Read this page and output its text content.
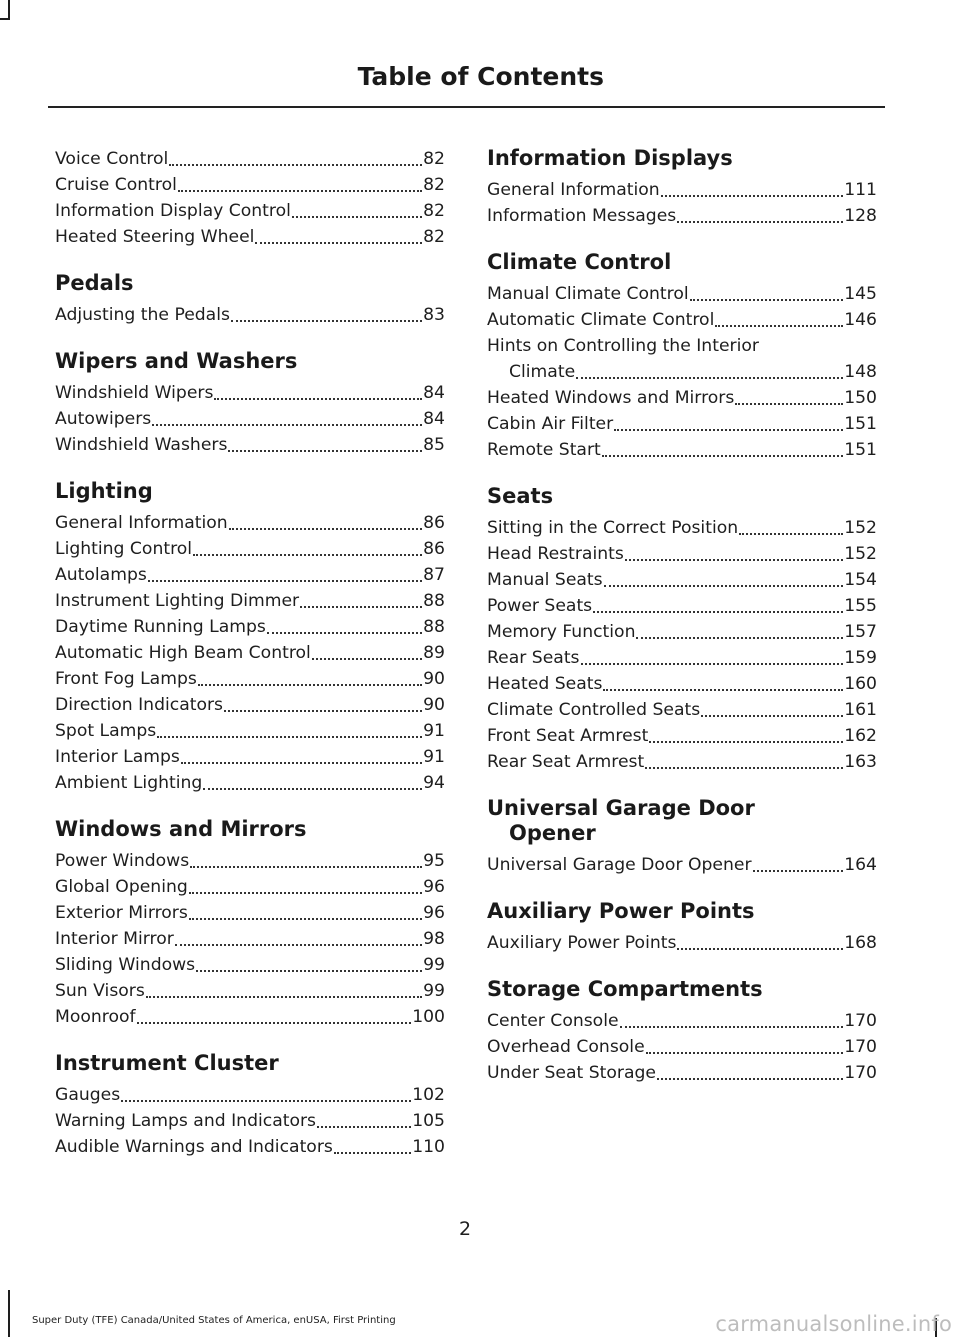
Table of Contents
Voice Control	82
Cruise Control	82
Information Display Control	82
Heated Steering Wheel	82
Pedals
Adjusting the Pedals	83
Wipers and Washers
Windshield Wipers	84
Autowipers	84
Windshield Washers	85
Lighting
General Information	86
Lighting Control	86
Autolamps	87
Instrument Lighting Dimmer	88
Daytime Running Lamps	88
Automatic High Beam Control	89
Front Fog Lamps	90
Direction Indicators	90
Spot Lamps	91
Interior Lamps	91
Ambient Lighting	94
Windows and Mirrors
Power Windows	95
Global Opening	96
Exterior Mirrors	96
Interior Mirror	98
Sliding Windows	99
Sun Visors	99
Moonroof	100
Instrument Cluster
Gauges	102
Warning Lamps and Indicators	105
Audible Warnings and Indicators	110
Information Displays
General Information	111
Information Messages	128
Climate Control
Manual Climate Control	145
Automatic Climate Control	146
Hints on Controlling the Interior
Climate	148
Heated Windows and Mirrors	150
Cabin Air Filter	151
Remote Start	151
Seats
Sitting in the Correct Position	152
Head Restraints	152
Manual Seats	154
Power Seats	155
Memory Function	157
Rear Seats	159
Heated Seats	160
Climate Controlled Seats	161
Front Seat Armrest	162
Rear Seat Armrest	163
Universal Garage Door
Opener
Universal Garage Door Opener	164
Auxiliary Power Points
Auxiliary Power Points	168
Storage Compartments
Center Console	170
Overhead Console	170
Under Seat Storage	170
2
Super Duty (TFE) Canada/United States of America, enUSA, First Printing	carmanualsonline.info
